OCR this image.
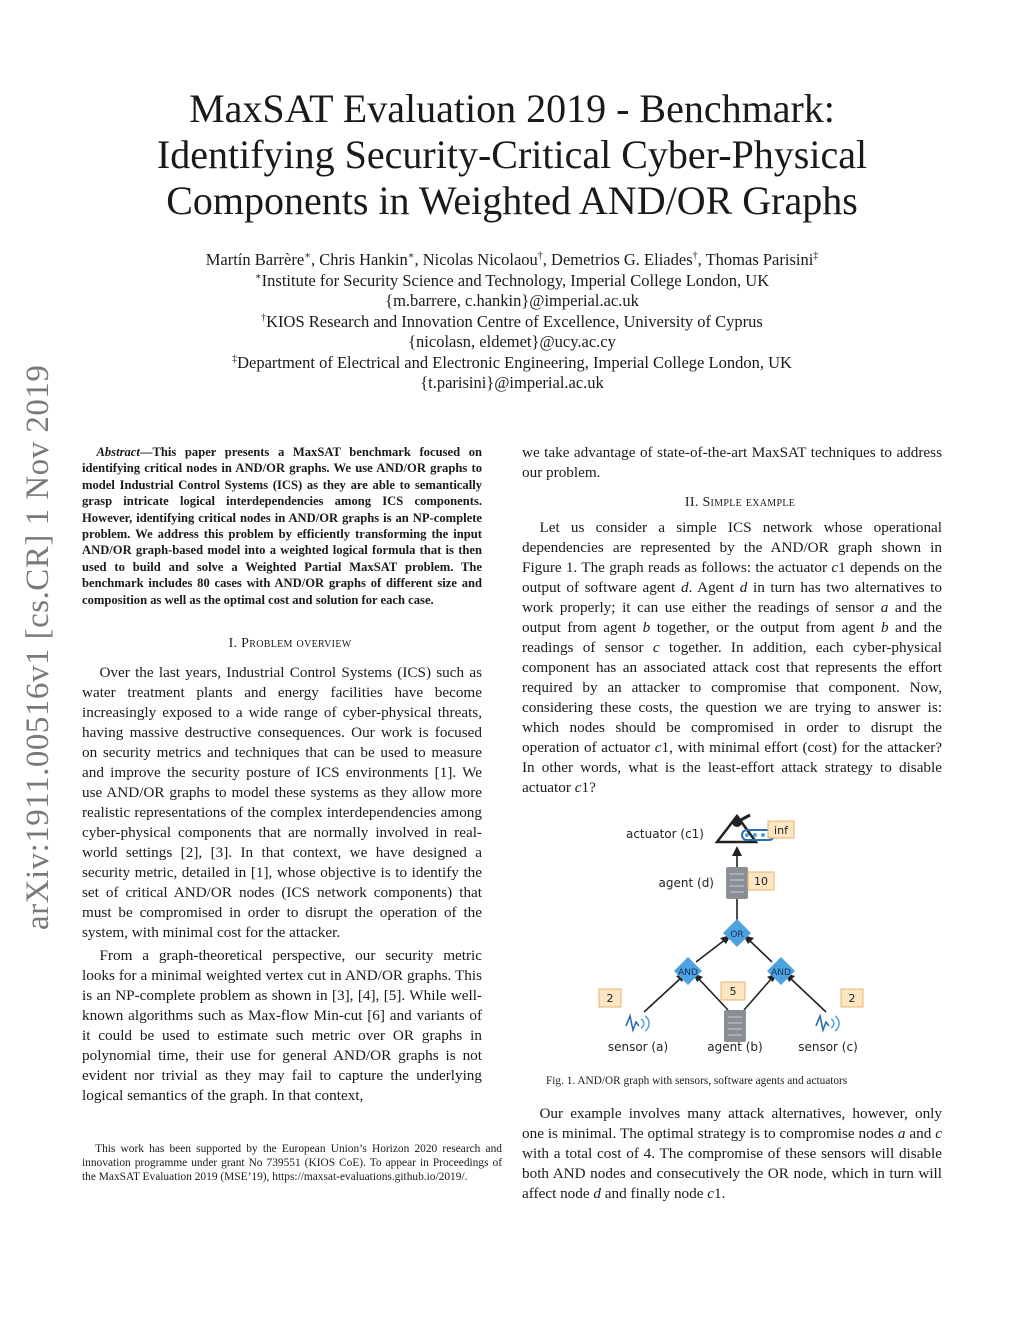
arXiv:1911.00516v1 [cs.CR] 1 Nov 2019
MaxSAT Evaluation 2019 - Benchmark:
Identifying Security-Critical Cyber-Physical
Components in Weighted AND/OR Graphs
Martín Barrère∗, Chris Hankin∗, Nicolas Nicolaou†, Demetrios G. Eliades†, Thomas Parisini‡
∗Institute for Security Science and Technology, Imperial College London, UK
{m.barrere, c.hankin}@imperial.ac.uk
†KIOS Research and Innovation Centre of Excellence, University of Cyprus
{nicolasn, eldemet}@ucy.ac.cy
‡Department of Electrical and Electronic Engineering, Imperial College London, UK
{t.parisini}@imperial.ac.uk
Abstract—This paper presents a MaxSAT benchmark focused on identifying critical nodes in AND/OR graphs. We use AND/OR graphs to model Industrial Control Systems (ICS) as they are able to semantically grasp intricate logical interdependencies among ICS components. However, identifying critical nodes in AND/OR graphs is an NP-complete problem. We address this problem by efficiently transforming the input AND/OR graph-based model into a weighted logical formula that is then used to build and solve a Weighted Partial MaxSAT problem. The benchmark includes 80 cases with AND/OR graphs of different size and composition as well as the optimal cost and solution for each case.

I. Problem overview

Over the last years, Industrial Control Systems (ICS) such as water treatment plants and energy facilities have become increasingly exposed to a wide range of cyber-physical threats, having massive destructive consequences. Our work is focused on security metrics and techniques that can be used to measure and improve the security posture of ICS environments [1]. We use AND/OR graphs to model these systems as they allow more realistic representations of the complex interdependencies among cyber-physical components that are normally involved in real-world settings [2], [3]. In that context, we have designed a security metric, detailed in [1], whose objective is to identify the set of critical AND/OR nodes (ICS network components) that must be compromised in order to disrupt the operation of the system, with minimal cost for the attacker.

From a graph-theoretical perspective, our security metric looks for a minimal weighted vertex cut in AND/OR graphs. This is an NP-complete problem as shown in [3], [4], [5]. While well-known algorithms such as Max-flow Min-cut [6] and variants of it could be used to estimate such metric over OR graphs in polynomial time, their use for general AND/OR graphs is not evident nor trivial as they may fail to capture the underlying logical semantics of the graph. In that context,

This work has been supported by the European Union’s Horizon 2020 research and innovation programme under grant No 739551 (KIOS CoE). To appear in Proceedings of the MaxSAT Evaluation 2019 (MSE’19), https://maxsat-evaluations.github.io/2019/.

we take advantage of state-of-the-art MaxSAT techniques to address our problem.

II. Simple example

Let us consider a simple ICS network whose operational dependencies are represented by the AND/OR graph shown in Figure 1. The graph reads as follows: the actuator c1 depends on the output of software agent d. Agent d in turn has two alternatives to work properly; it can use either the readings of sensor a and the output from agent b together, or the output from agent b and the readings of sensor c together. In addition, each cyber-physical component has an associated attack cost that represents the effort required by an attacker to compromise that component. Now, considering these costs, the question we are trying to answer is: which nodes should be compromised in order to disrupt the operation of actuator c1, with minimal effort (cost) for the attacker? In other words, what is the least-effort attack strategy to disable actuator c1?

actuator (c1)	inf
agent (d)	10
OR
AND	AND
5
2
sensor (a)	agent (b)
2
sensor (c)
Fig. 1. AND/OR graph with sensors, software agents and actuators

Our example involves many attack alternatives, however, only one is minimal. The optimal strategy is to compromise nodes a and c with a total cost of 4. The compromise of these sensors will disable both AND nodes and consecutively the OR node, which in turn will affect node d and finally node c1.
